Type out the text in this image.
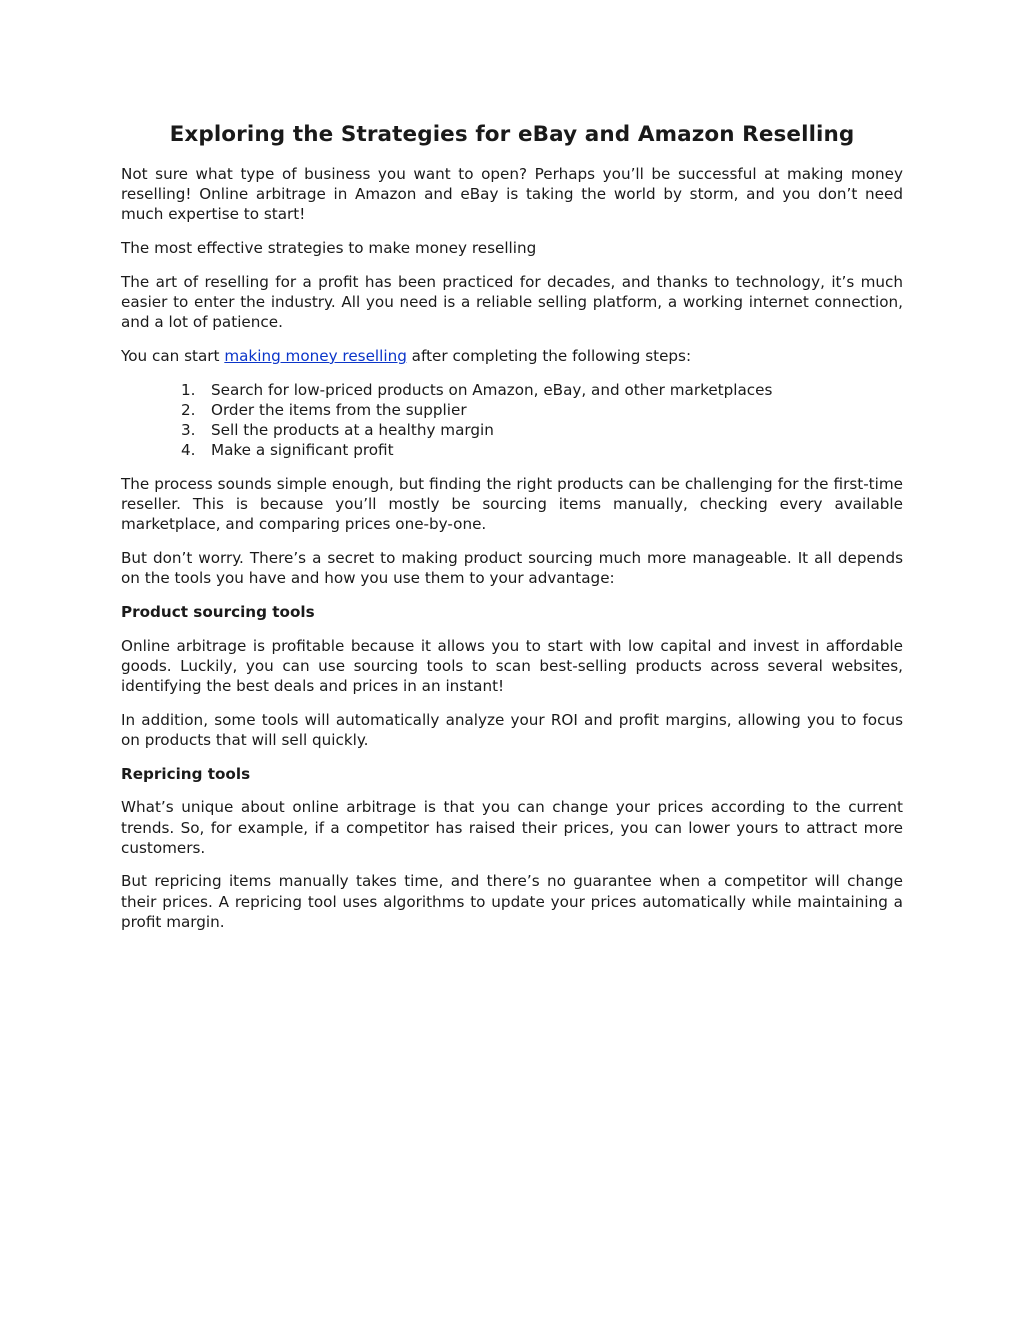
Exploring the Strategies for eBay and Amazon Reselling

Not sure what type of business you want to open? Perhaps you’ll be successful at making money reselling! Online arbitrage in Amazon and eBay is taking the world by storm, and you don’t need much expertise to start!

The most effective strategies to make money reselling

The art of reselling for a profit has been practiced for decades, and thanks to technology, it’s much easier to enter the industry. All you need is a reliable selling platform, a working internet connection, and a lot of patience.

You can start making money reselling after completing the following steps:

1.	Search for low-priced products on Amazon, eBay, and other marketplaces
2.	Order the items from the supplier
3.	Sell the products at a healthy margin
4.	Make a significant profit

The process sounds simple enough, but finding the right products can be challenging for the first-time reseller. This is because you’ll mostly be sourcing items manually, checking every available marketplace, and comparing prices one-by-one.

But don’t worry. There’s a secret to making product sourcing much more manageable. It all depends on the tools you have and how you use them to your advantage:

Product sourcing tools

Online arbitrage is profitable because it allows you to start with low capital and invest in affordable goods. Luckily, you can use sourcing tools to scan best-selling products across several websites, identifying the best deals and prices in an instant!

In addition, some tools will automatically analyze your ROI and profit margins, allowing you to focus on products that will sell quickly.

Repricing tools

What’s unique about online arbitrage is that you can change your prices according to the current trends. So, for example, if a competitor has raised their prices, you can lower yours to attract more customers.

But repricing items manually takes time, and there’s no guarantee when a competitor will change their prices. A repricing tool uses algorithms to update your prices automatically while maintaining a profit margin.
